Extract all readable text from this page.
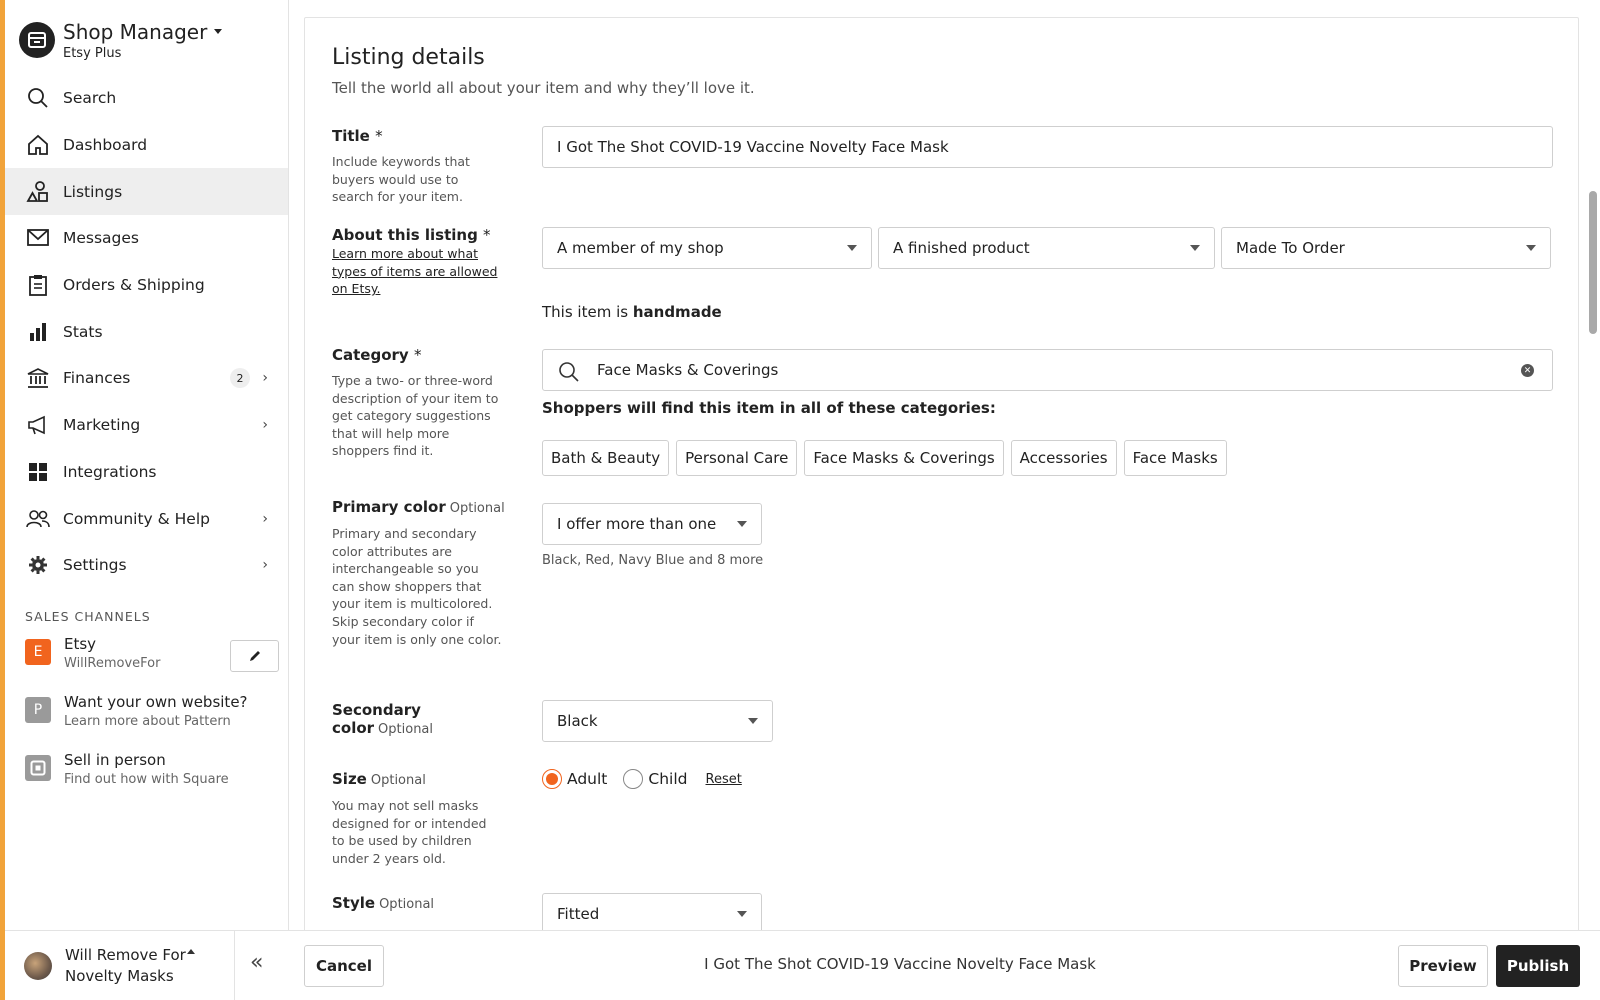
Shop Manager
Etsy Plus
Search
Dashboard
Listings
Messages
Orders & Shipping
Stats
Finances	2	›
Marketing	›
Integrations
Community & Help	›
Settings	›
SALES CHANNELS
E	Etsy
WillRemoveFor
P	Want your own website?
Learn more about Pattern
Sell in person
Find out how with Square
Listing details
Tell the world all about your item and why they’ll love it.
Title *
Include keywords that buyers would use to search for your item.
I Got The Shot COVID-19 Vaccine Novelty Face Mask
About this listing *
Learn more about what types of items are allowed on Etsy.
A member of my shop	A finished product	Made To Order
This item is handmade
Category *
Type a two- or three-word description of your item to get category suggestions that will help more shoppers find it.
Face Masks & Coverings	✕
Shoppers will find this item in all of these categories:
Bath & Beauty	Personal Care	Face Masks & Coverings	Accessories	Face Masks
Primary color Optional
Primary and secondary color attributes are interchangeable so you can show shoppers that your item is multicolored. Skip secondary color if your item is only one color.
I offer more than one
Black, Red, Navy Blue and 8 more
Secondary
color Optional	Black
Size Optional
You may not sell masks designed for or intended to be used by children under 2 years old.
Adult	Child Reset
Style Optional
Fitted
Will Remove For Novelty Masks
«	Cancel	I Got The Shot COVID-19 Vaccine Novelty Face Mask	Preview	Publish
